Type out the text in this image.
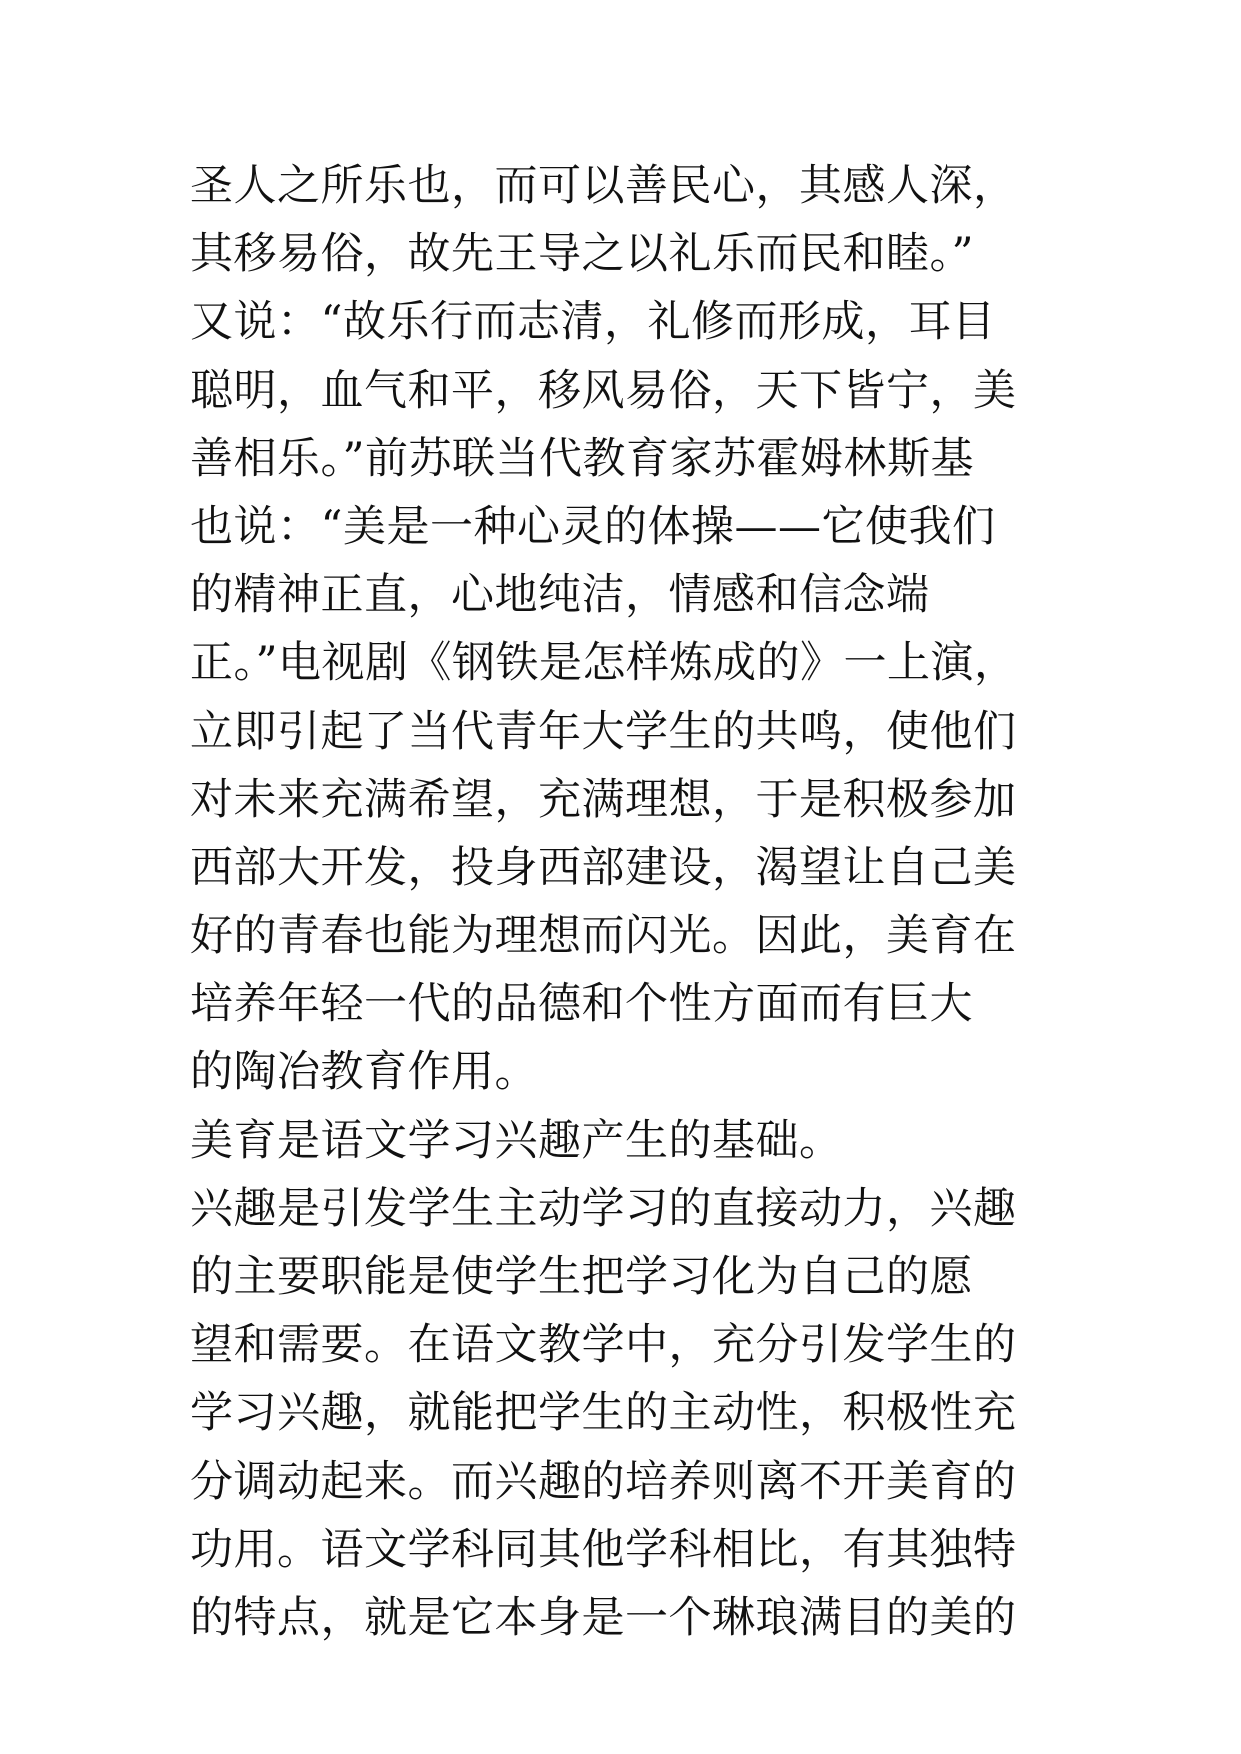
圣人之所乐也，而可以善民心，其感人深，
其移易俗，故先王导之以礼乐而民和睦。”
又说：“故乐行而志清，礼修而形成，耳目
聪明，血气和平，移风易俗，天下皆宁，美
善相乐。”前苏联当代教育家苏霍姆林斯基
也说：“美是一种心灵的体操——它使我们
的精神正直，心地纯洁，情感和信念端
正。”电视剧《钢铁是怎样炼成的》一上演，
立即引起了当代青年大学生的共鸣，使他们
对未来充满希望，充满理想，于是积极参加
西部大开发，投身西部建设，渴望让自己美
好的青春也能为理想而闪光。因此，美育在
培养年轻一代的品德和个性方面而有巨大
的陶冶教育作用。
美育是语文学习兴趣产生的基础。
兴趣是引发学生主动学习的直接动力，兴趣
的主要职能是使学生把学习化为自己的愿
望和需要。在语文教学中，充分引发学生的
学习兴趣，就能把学生的主动性，积极性充
分调动起来。而兴趣的培养则离不开美育的
功用。语文学科同其他学科相比，有其独特
的特点，就是它本身是一个琳琅满目的美的
